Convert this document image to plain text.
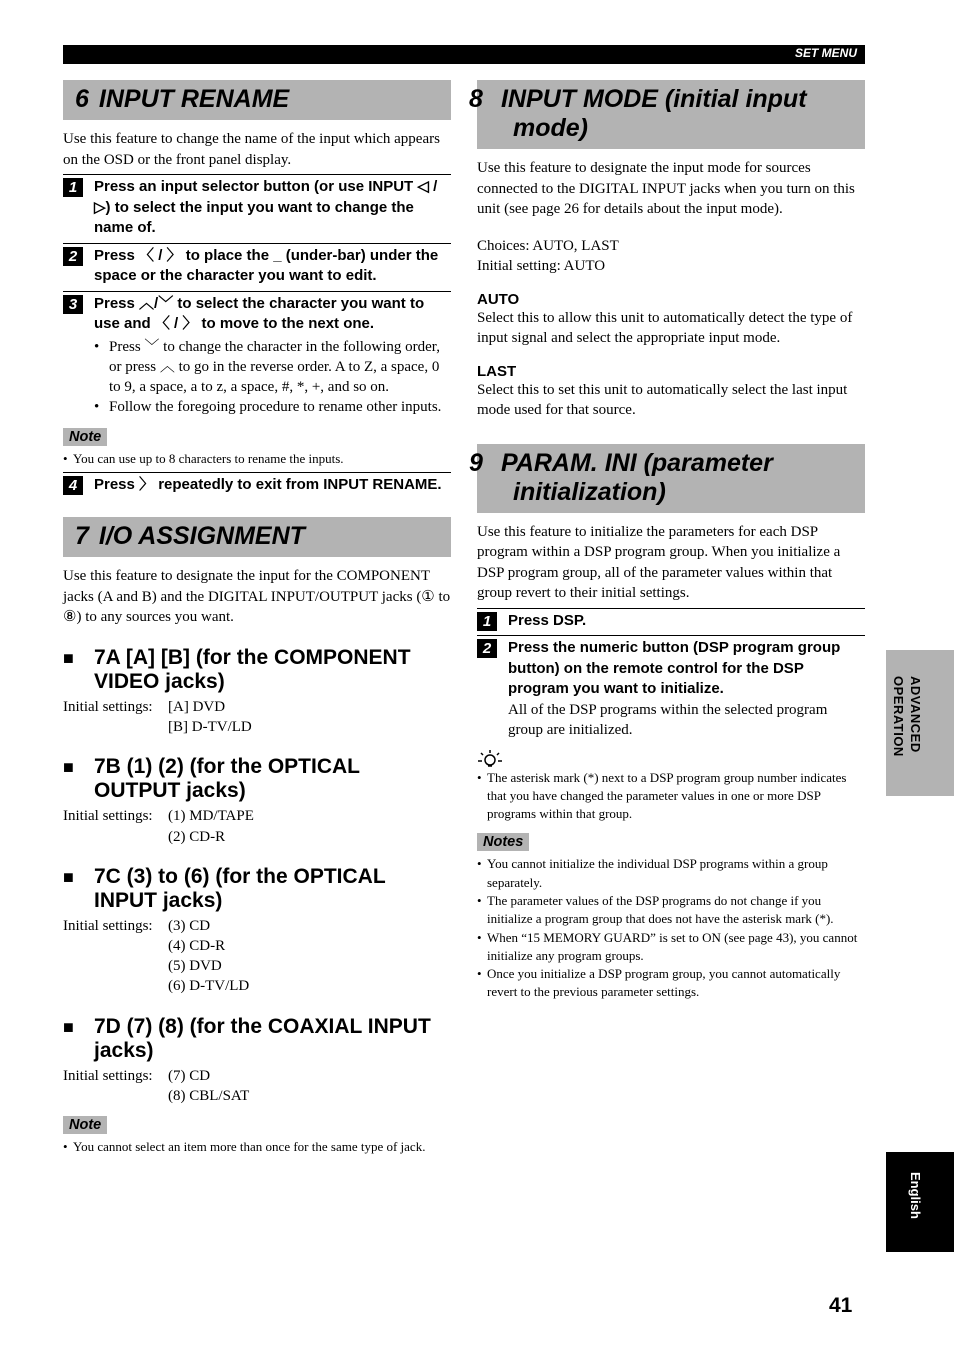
SET MENU
6 INPUT RENAME

Use this feature to change the name of the input which appears on the OSD or the front panel display.

1	Press an input selector button (or use INPUT ◁ / ▷) to select the input you want to change the name of.
2	Press 〈 / 〉 to place the _ (under-bar) under the space or the character you want to edit.
3	Press ︿/﹀ to select the character you want to use and 〈 / 〉 to move to the next one.
• Press ﹀ to change the character in the following order, or press ︿ to go in the reverse order. A to Z, a space, 0 to 9, a space, a to z, a space, #, *, +, and so on.
• Follow the foregoing procedure to rename other inputs.
Note
• You can use up to 8 characters to rename the inputs.
4	Press 〉 repeatedly to exit from INPUT RENAME.
7 I/O ASSIGNMENT

Use this feature to designate the input for the COMPONENT jacks (A and B) and the DIGITAL INPUT/OUTPUT jacks (① to ⑧) to any sources you want.

■ 7A [A] [B] (for the COMPONENT VIDEO jacks)
Initial settings:	[A] DVD
[B] D-TV/LD
■ 7B (1) (2) (for the OPTICAL OUTPUT jacks)
Initial settings:	(1) MD/TAPE
(2) CD-R
■ 7C (3) to (6) (for the OPTICAL INPUT jacks)
Initial settings:	(3) CD
(4) CD-R
(5) DVD
(6) D-TV/LD
■ 7D (7) (8) (for the COAXIAL INPUT jacks)
Initial settings:	(7) CD
(8) CBL/SAT
Note
• You cannot select an item more than once for the same type of jack.
8 INPUT MODE (initial input mode)

Use this feature to designate the input mode for sources connected to the DIGITAL INPUT jacks when you turn on this unit (see page 26 for details about the input mode).

Choices: AUTO, LAST

Initial setting: AUTO

AUTO

Select this to allow this unit to automatically detect the type of input signal and select the appropriate input mode.

LAST

Select this to set this unit to automatically select the last input mode used for that source.

9 PARAM. INI (parameter initialization)

Use this feature to initialize the parameters for each DSP program within a DSP program group. When you initialize a DSP program group, all of the parameter values within that group revert to their initial settings.

1	Press DSP.
2	Press the numeric button (DSP program group button) on the remote control for the DSP program you want to initialize.

All of the DSP programs within the selected program group are initialized.

• The asterisk mark (*) next to a DSP program group number indicates that you have changed the parameter values in one or more DSP programs within that group.
Notes
• You cannot initialize the individual DSP programs within a group separately.
• The parameter values of the DSP programs do not change if you initialize a program group that does not have the asterisk mark (*).
• When “15 MEMORY GUARD” is set to ON (see page 43), you cannot initialize any program groups.
• Once you initialize a DSP program group, you cannot automatically revert to the previous parameter settings.
ADVANCED
OPERATION
English
41
